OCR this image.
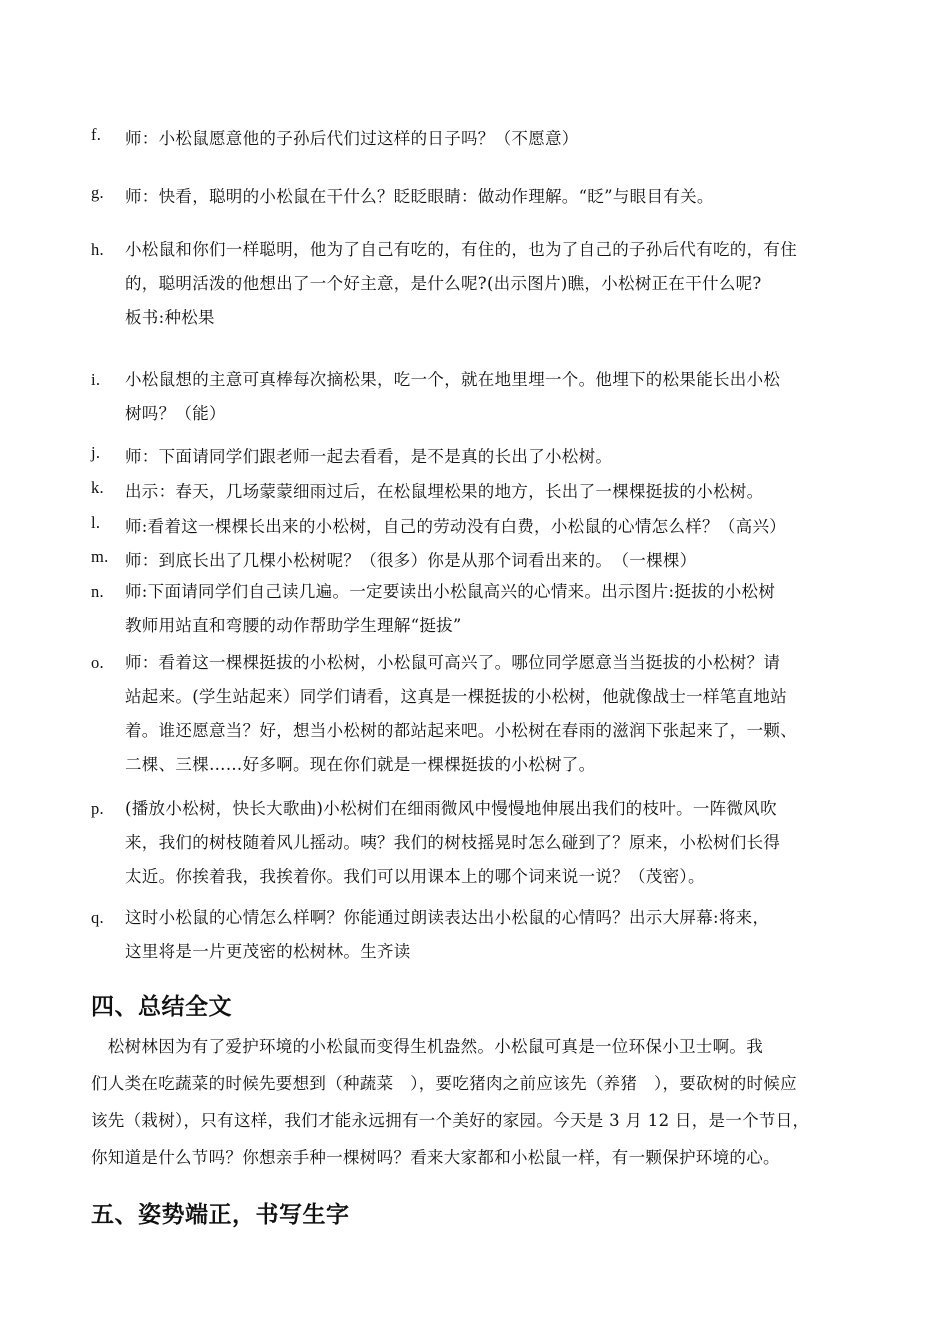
f.	师：小松鼠愿意他的子孙后代们过这样的日子吗？（不愿意）
g.	师：快看，聪明的小松鼠在干什么？眨眨眼睛：做动作理解。“眨”与眼目有关。
h.	小松鼠和你们一样聪明，他为了自己有吃的，有住的，也为了自己的子孙后代有吃的，有住
的，聪明活泼的他想出了一个好主意，是什么呢?(出示图片)瞧，小松树正在干什么呢?
板书:种松果
i.	小松鼠想的主意可真棒每次摘松果，吃一个，就在地里埋一个。他埋下的松果能长出小松
树吗？（能）
j.	师：下面请同学们跟老师一起去看看，是不是真的长出了小松树。
k.	出示：春天，几场蒙蒙细雨过后，在松鼠埋松果的地方，长出了一棵棵挺拔的小松树。
l.	师:看着这一棵棵长出来的小松树，自己的劳动没有白费，小松鼠的心情怎么样？（高兴）
m. 师：到底长出了几棵小松树呢？（很多）你是从那个词看出来的。　（一棵棵）
n.	师:下面请同学们自己读几遍。一定要读出小松鼠高兴的心情来。出示图片:挺拔的小松树
教师用站直和弯腰的动作帮助学生理解“挺拔”
o.	师：看着这一棵棵挺拔的小松树，小松鼠可高兴了。哪位同学愿意当当挺拔的小松树？请
站起来。(学生站起来）同学们请看，这真是一棵挺拔的小松树，他就像战士一样笔直地站
着。谁还愿意当？好，想当小松树的都站起来吧。小松树在春雨的滋润下张起来了，一颗、
二棵、三棵……好多啊。现在你们就是一棵棵挺拔的小松树了。
p.	(播放小松树，快长大歌曲)小松树们在细雨微风中慢慢地伸展出我们的枝叶。一阵微风吹
来，我们的树枝随着风儿摇动。咦？我们的树枝摇晃时怎么碰到了？原来，小松树们长得
太近。你挨着我，我挨着你。我们可以用课本上的哪个词来说一说？（茂密）。
q.	这时小松鼠的心情怎么样啊？你能通过朗读表达出小松鼠的心情吗？出示大屏幕:将来，
这里将是一片更茂密的松树林。生齐读
四、总结全文
　松树林因为有了爱护环境的小松鼠而变得生机盎然。小松鼠可真是一位环保小卫士啊。我
们人类在吃蔬菜的时候先要想到（种蔬菜　），要吃猪肉之前应该先（养猪　），要砍树的时候应
该先（栽树），只有这样，我们才能永远拥有一个美好的家园。今天是 3 月 12 日，是一个节日，
你知道是什么节吗？你想亲手种一棵树吗？看来大家都和小松鼠一样，有一颗保护环境的心。
五、姿势端正，书写生字
